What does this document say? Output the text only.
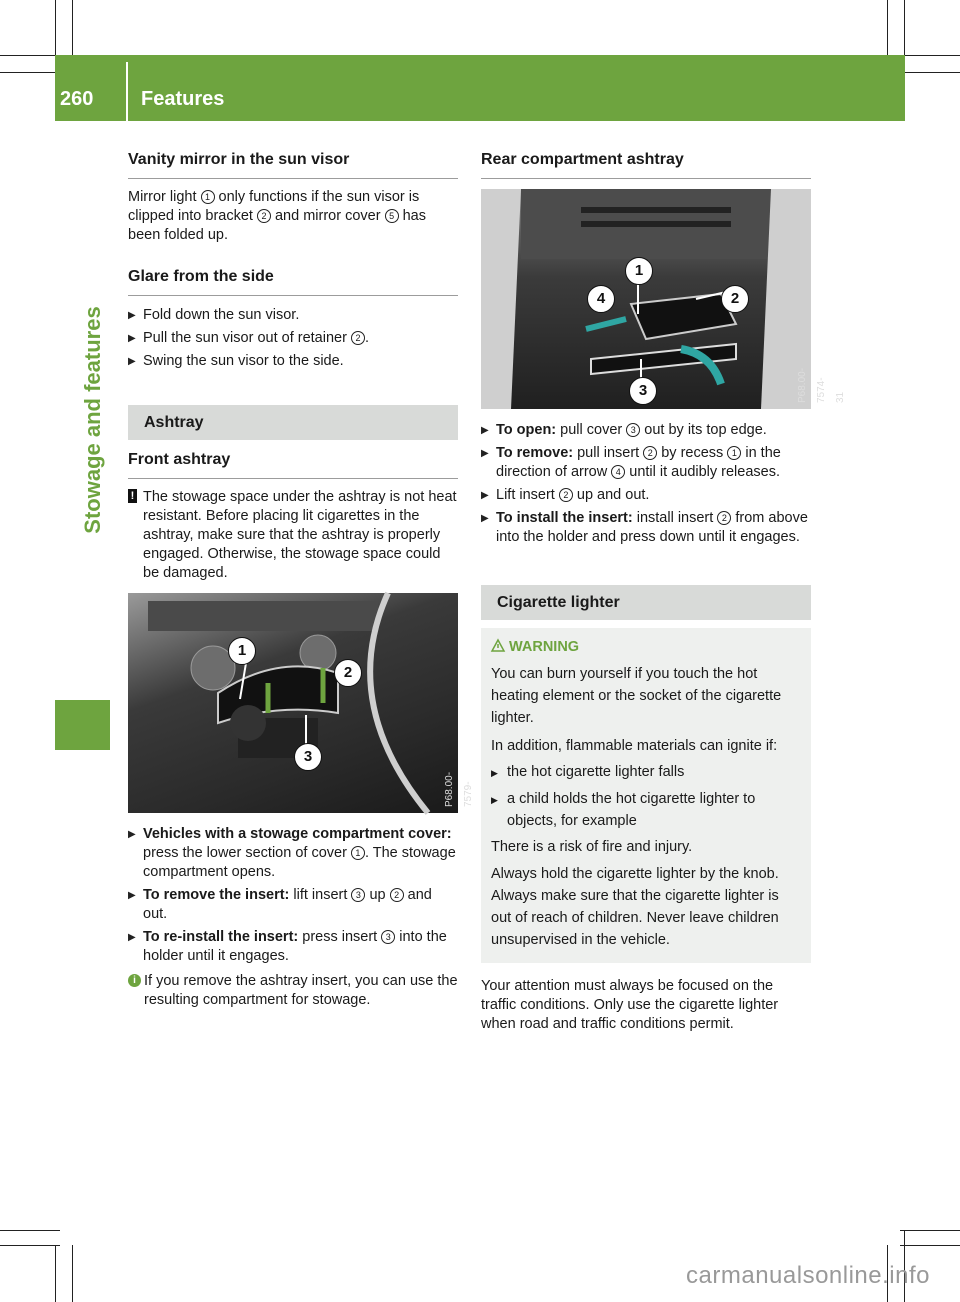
260	Features
Stowage and features
Vanity mirror in the sun visor

Mirror light 1 only functions if the sun visor is clipped into bracket 2 and mirror cover 5 has been folded up.

Glare from the side

▶ Fold down the sun visor.

▶ Pull the sun visor out of retainer 2 .

▶ Swing the sun visor to the side.

Ashtray
Front ashtray

! The stowage space under the ashtray is not heat resistant. Before placing lit cigarettes in the ashtray, make sure that the ashtray is properly engaged. Otherwise, the stowage space could be damaged.

1
2
3
P68.00-7579-

▶ Vehicles with a stowage compartment cover: press the lower section of cover 1 . The stowage compartment opens.

▶ To remove the insert: lift insert 3 up 2 and out.

▶ To re-install the insert: press insert 3 into the holder until it engages.

i If you remove the ashtray insert, you can use the resulting compartment for stowage.

Rear compartment ashtray
1
2
3
4
P68.00-7574-31

▶ To open: pull cover 3 out by its top edge.

▶ To remove: pull insert 2 by recess 1 in the direction of arrow 4 until it audibly releases.

▶ Lift insert 2 up and out.

▶ To install the insert: install insert 2 from above into the holder and press down until it engages.

Cigarette lighter
WARNING

You can burn yourself if you touch the hot heating element or the socket of the cigarette lighter.

In addition, flammable materials can ignite if:

▶ the hot cigarette lighter falls

▶ a child holds the hot cigarette lighter to objects, for example

There is a risk of fire and injury.

Always hold the cigarette lighter by the knob. Always make sure that the cigarette lighter is out of reach of children. Never leave children unsupervised in the vehicle.

Your attention must always be focused on the traffic conditions. Only use the cigarette lighter when road and traffic conditions permit.

carmanualsonline.info
